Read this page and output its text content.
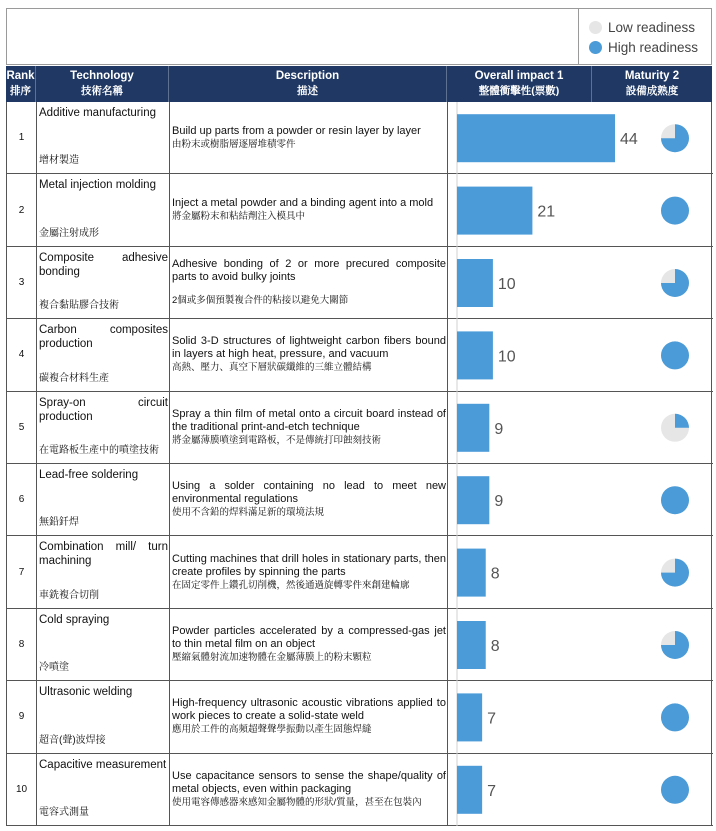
Low readiness
High readiness
Rank
排序
Technology
技術名稱
Description
描述
Overall impact 1
整體衝擊性(票數)
Maturity 2
設備成熟度
1
Additive manufacturing
增材製造
Build up parts from a powder or resin layer by layer
由粉末或樹脂層逐層堆積零件
2
Metal injection molding
金屬注射成形
Inject a metal powder and a binding agent into a mold
將金屬粉末和粘結劑注入模具中
3
Composite adhesive bonding
複合黏貼膠合技術
Adhesive bonding of 2 or more precured composite parts to avoid bulky joints
2個或多個預製複合件的粘接以避免大關節
4
Carbon composites production
碳複合材料生產
Solid 3-D structures of lightweight carbon fibers bound in layers at high heat, pressure, and vacuum
高熱、壓力、真空下層狀碳纖維的三維立體結構
5
Spray-on circuit production
在電路板生產中的噴塗技術
Spray a thin film of metal onto a circuit board instead of the traditional print-and-etch technique
將金屬薄膜噴塗到電路板，不是傳統打印蝕刻技術
6
Lead-free soldering
無鉛釺焊
Using a solder containing no lead to meet new environmental regulations
使用不含鉛的焊料滿足新的環境法規
7
Combination mill/ turn machining
車銑複合切削
Cutting machines that drill holes in stationary parts, then create profiles by spinning the parts
在固定零件上鑽孔切削機，然後通過旋轉零件來創建輪廓
8
Cold spraying
冷噴塗
Powder particles accelerated by a compressed-gas jet to thin metal film on an object
壓縮氣體射流加速物體在金屬薄膜上的粉末顆粒
9
Ultrasonic welding
超音(聲)波焊接
High-frequency ultrasonic acoustic vibrations applied to work pieces to create a solid-state weld
應用於工件的高頻超聲聲學振動以產生固態焊縫
10
Capacitive measurement
電容式測量
Use capacitance sensors to sense the shape/quality of metal objects, even within packaging
使用電容傳感器來感知金屬物體的形狀/質量，甚至在包裝內
44
21
10
10
9
9
8
8
7
7
